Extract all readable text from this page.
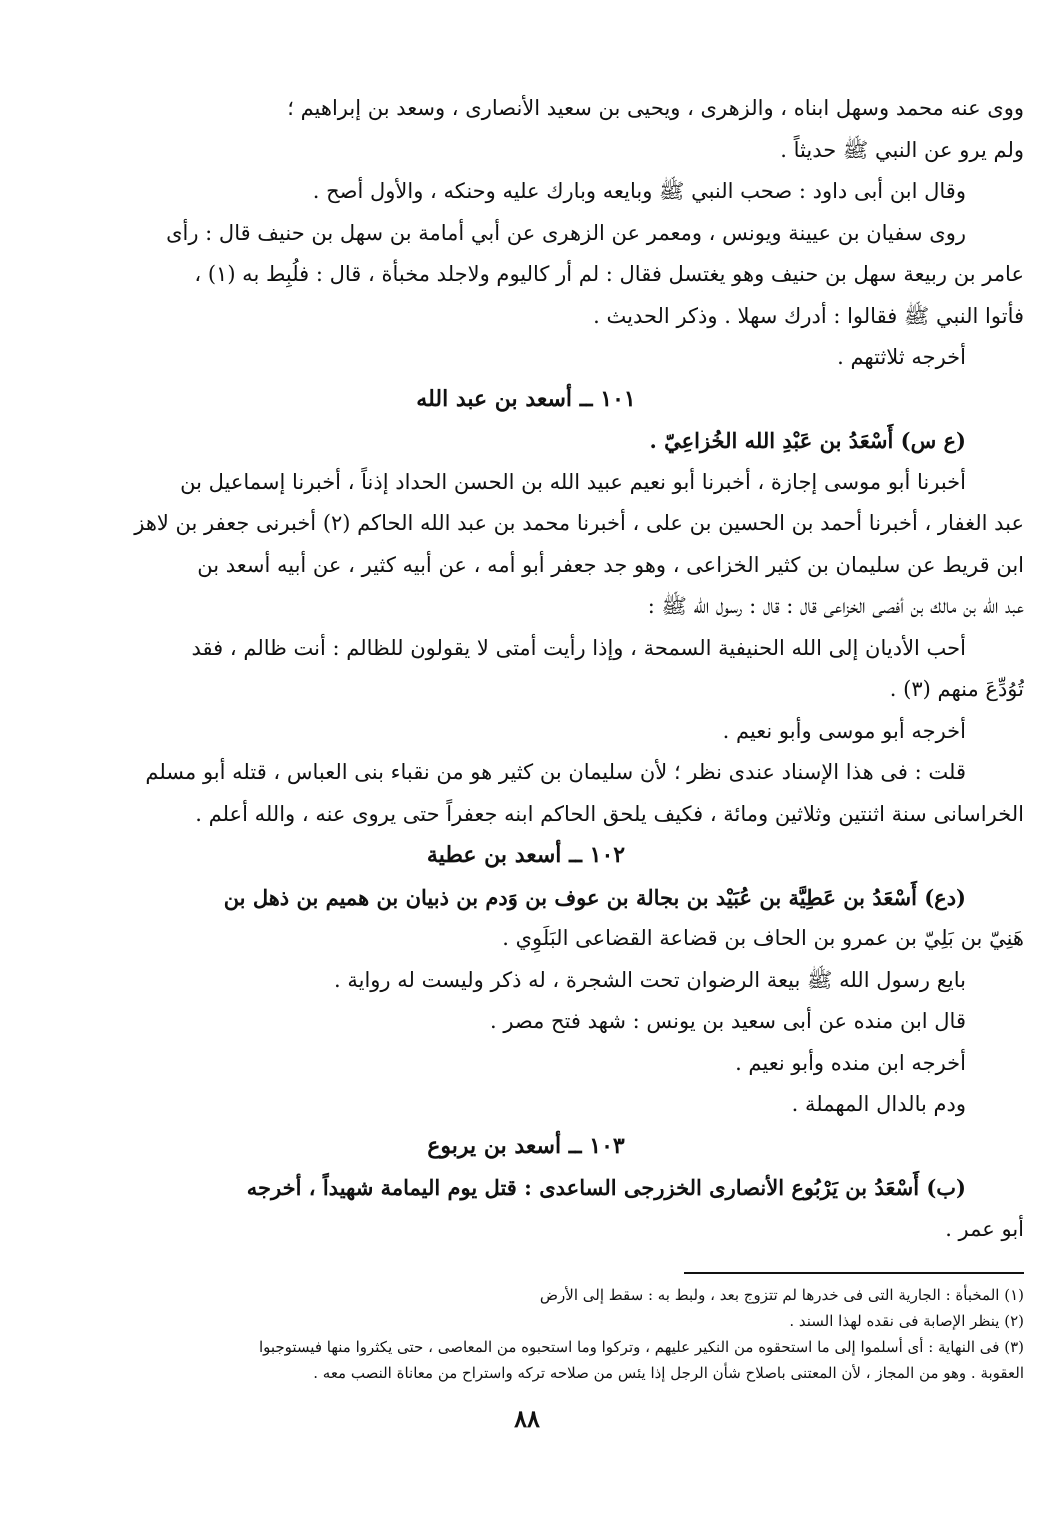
ووى عنه محمد وسهل ابناه ، والزهرى ، ويحيى بن سعيد الأنصارى ، وسعد بن إبراهيم ؛
ولم يرو عن النبي ﷺ حديثاً .
وقال ابن أبى داود : صحب النبي ﷺ وبايعه وبارك عليه وحنكه ، والأول أصح .
روى سفيان بن عيينة ويونس ، ومعمر عن الزهرى عن أبي أمامة بن سهل بن حنيف قال : رأى
عامر بن ربيعة سهل بن حنيف وهو يغتسل فقال : لم أر كاليوم ولاجلد مخبأة ، قال : فلُبِط به (١) ،
فأتوا النبي ﷺ فقالوا : أدرك سهلا . وذكر الحديث .
أخرجه ثلاثتهم .
١٠١ ــ أسعد بن عبد الله
(ع س) أَسْعَدُ بن عَبْدِ الله الخُزاعِيّ .
أخبرنا أبو موسى إجازة ، أخبرنا أبو نعيم عبيد الله بن الحسن الحداد إذناً ، أخبرنا إسماعيل بن
عبد الغفار ، أخبرنا أحمد بن الحسين بن على ، أخبرنا محمد بن عبد الله الحاكم (٢) أخبرنى جعفر بن لاهز
ابن قريط عن سليمان بن كثير الخزاعى ، وهو جد جعفر أبو أمه ، عن أبيه كثير ، عن أبيه أسعد بن
عبد الله بن مالك بن أفصى الخزاعى قال : قال : رسول الله ﷺ :
أحب الأديان إلى الله الحنيفية السمحة ، وإذا رأيت أمتى لا يقولون للظالم : أنت ظالم ، فقد
تُوُدِّعَ منهم (٣) .
أخرجه أبو موسى وأبو نعيم .
قلت : فى هذا الإسناد عندى نظر ؛ لأن سليمان بن كثير هو من نقباء بنى العباس ، قتله أبو مسلم
الخراسانى سنة اثنتين وثلاثين ومائة ، فكيف يلحق الحاكم ابنه جعفراً حتى يروى عنه ، والله أعلم .
١٠٢ ــ أسعد بن عطية
(دع) أَسْعَدُ بن عَطِيَّة بن عُبَيْد بن بجالة بن عوف بن وَدم بن ذبيان بن هميم بن ذهل بن
هَنِيّ بن بَلِيّ بن عمرو بن الحاف بن قضاعة القضاعى البَلَوِي .
بايع رسول الله ﷺ بيعة الرضوان تحت الشجرة ، له ذكر وليست له رواية .
قال ابن منده عن أبى سعيد بن يونس : شهد فتح مصر .
أخرجه ابن منده وأبو نعيم .
ودم بالدال المهملة .
١٠٣ ــ أسعد بن يربوع
(ب) أَسْعَدُ بن يَرْبُوع الأنصارى الخزرجى الساعدى : قتل يوم اليمامة شهيداً ، أخرجه
أبو عمر .
(١) المخبأة : الجارية التى فى خدرها لم تتزوج بعد ، ولبط به : سقط إلى الأرض
(٢) ينظر الإصابة فى نقده لهذا السند .
(٣) فى النهاية : أى أسلموا إلى ما استحقوه من النكير عليهم ، وتركوا وما استحبوه من المعاصى ، حتى يكثروا منها فيستوجبوا
العقوبة . وهو من المجاز ، لأن المعتنى باصلاح شأن الرجل إذا يئس من صلاحه تركه واستراح من معاناة النصب معه .
٨٨
